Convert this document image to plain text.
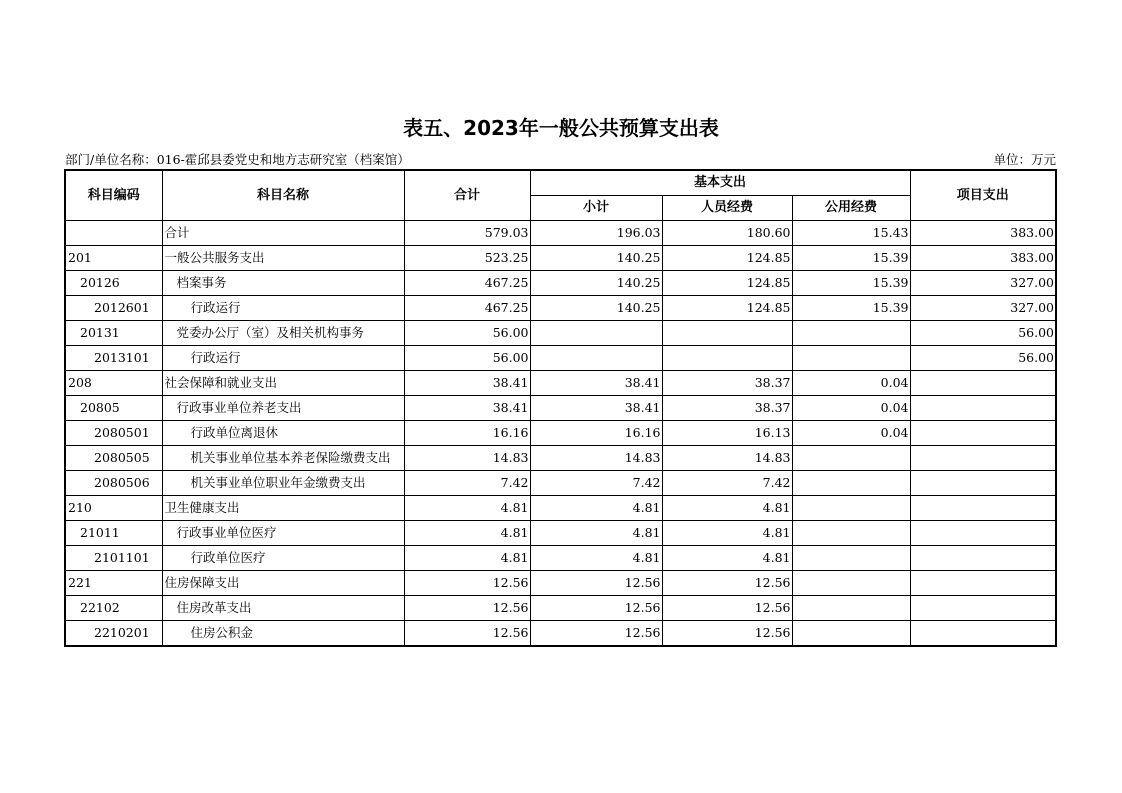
表五、2023年一般公共预算支出表
部门/单位名称：016-霍邱县委党史和地方志研究室（档案馆）	单位：万元
科目编码	科目名称	合计	基本支出			项目支出
			小计	人员经费	公用经费	
	合计	579.03	196.03	180.60	15.43	383.00
201	一般公共服务支出	523.25	140.25	124.85	15.39	383.00
20126	档案事务	467.25	140.25	124.85	15.39	327.00
2012601	行政运行	467.25	140.25	124.85	15.39	327.00
20131	党委办公厅（室）及相关机构事务	56.00				56.00
2013101	行政运行	56.00				56.00
208	社会保障和就业支出	38.41	38.41	38.37	0.04	
20805	行政事业单位养老支出	38.41	38.41	38.37	0.04	
2080501	行政单位离退休	16.16	16.16	16.13	0.04	
2080505	机关事业单位基本养老保险缴费支出	14.83	14.83	14.83		
2080506	机关事业单位职业年金缴费支出	7.42	7.42	7.42		
210	卫生健康支出	4.81	4.81	4.81		
21011	行政事业单位医疗	4.81	4.81	4.81		
2101101	行政单位医疗	4.81	4.81	4.81		
221	住房保障支出	12.56	12.56	12.56		
22102	住房改革支出	12.56	12.56	12.56		
2210201	住房公积金	12.56	12.56	12.56		
